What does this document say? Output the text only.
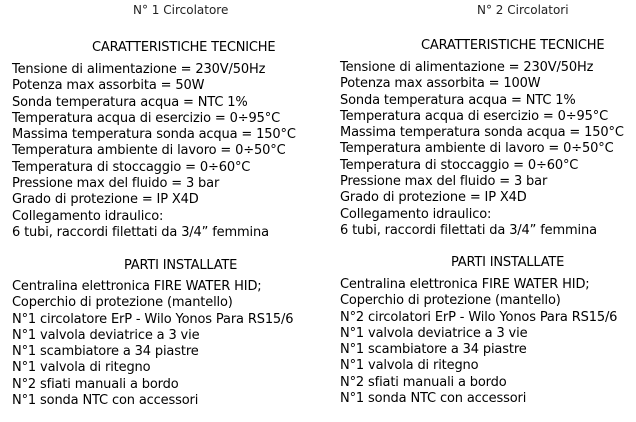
N° 1 Circolatore
CARATTERISTICHE TECNICHE
Tensione di alimentazione = 230V/50Hz
Potenza max assorbita = 50W
Sonda temperatura acqua = NTC 1%
Temperatura acqua di esercizio = 0÷95°C
Massima temperatura sonda acqua = 150°C
Temperatura ambiente di lavoro = 0÷50°C
Temperatura di stoccaggio = 0÷60°C
Pressione max del fluido = 3 bar
Grado di protezione = IP X4D
Collegamento idraulico:
6 tubi, raccordi filettati da 3/4” femmina
PARTI INSTALLATE
Centralina elettronica FIRE WATER HID;
Coperchio di protezione (mantello)
N°1 circolatore ErP - Wilo Yonos Para RS15/6
N°1 valvola deviatrice a 3 vie
N°1 scambiatore a 34 piastre
N°1 valvola di ritegno
N°2 sfiati manuali a bordo
N°1 sonda NTC con accessori
N° 2 Circolatori
CARATTERISTICHE TECNICHE
Tensione di alimentazione = 230V/50Hz
Potenza max assorbita = 100W
Sonda temperatura acqua = NTC 1%
Temperatura acqua di esercizio = 0÷95°C
Massima temperatura sonda acqua = 150°C
Temperatura ambiente di lavoro = 0÷50°C
Temperatura di stoccaggio = 0÷60°C
Pressione max del fluido = 3 bar
Grado di protezione = IP X4D
Collegamento idraulico:
6 tubi, raccordi filettati da 3/4” femmina
PARTI INSTALLATE
Centralina elettronica FIRE WATER HID;
Coperchio di protezione (mantello)
N°2 circolatori ErP - Wilo Yonos Para RS15/6
N°1 valvola deviatrice a 3 vie
N°1 scambiatore a 34 piastre
N°1 valvola di ritegno
N°2 sfiati manuali a bordo
N°1 sonda NTC con accessori
